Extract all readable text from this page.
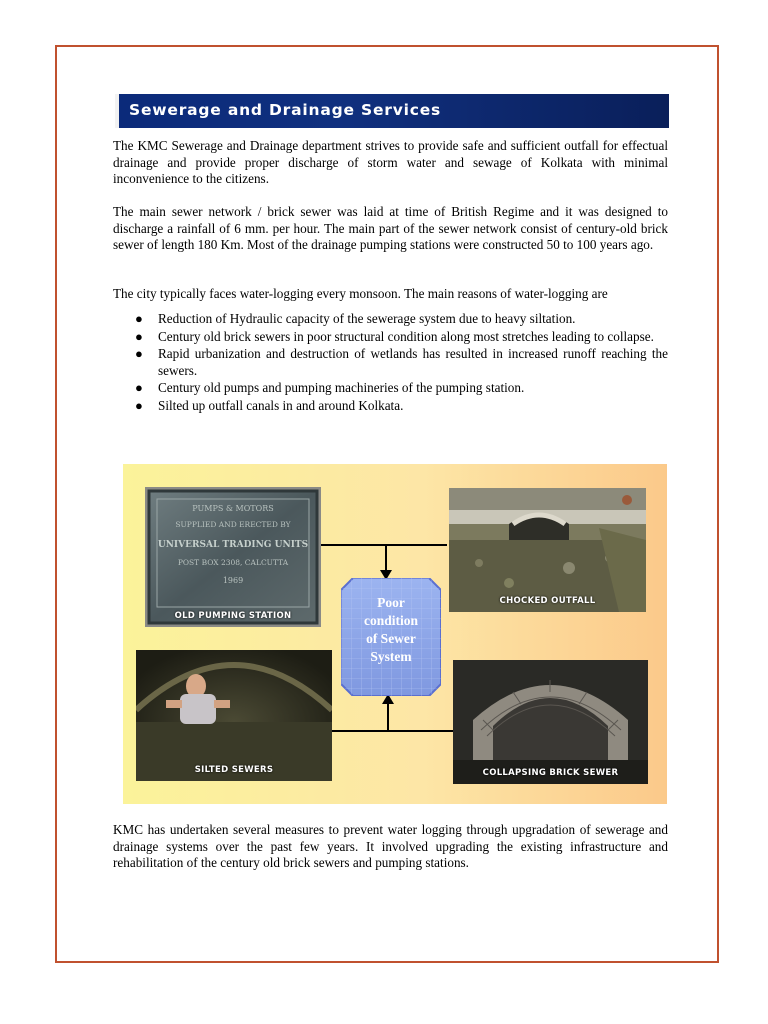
Sewerage and Drainage Services

The KMC Sewerage and Drainage department strives to provide safe and sufficient outfall for effectual drainage and provide proper discharge of storm water and sewage of Kolkata with minimal inconvenience to the citizens.

The main sewer network / brick sewer was laid at time of British Regime and it was designed to discharge a rainfall of 6 mm. per hour. The main part of the sewer network consist of century-old brick sewer of length 180 Km. Most of the drainage pumping stations were constructed 50 to 100 years ago.

The city typically faces water-logging every monsoon. The main reasons of water-logging are

● Reduction of Hydraulic capacity of the sewerage system due to heavy siltation.
● Century old brick sewers in poor structural condition along most stretches leading to collapse.
● Rapid urbanization and destruction of wetlands has resulted in increased runoff reaching the sewers.
● Century old pumps and pumping machineries of the pumping station.
● Silted up outfall canals in and around Kolkata.
Poor
condition
of Sewer
System
PUMPS & MOTORS
SUPPLIED AND ERECTED BY
UNIVERSAL TRADING UNITS
POST BOX 2308, CALCUTTA
1969
OLD PUMPING STATION
CHOCKED OUTFALL
SILTED SEWERS	COLLAPSING BRICK SEWER

KMC has undertaken several measures to prevent water logging through upgradation of sewerage and drainage systems over the past few years. It involved upgrading the existing infrastructure and rehabilitation of the century old brick sewers and pumping stations.
